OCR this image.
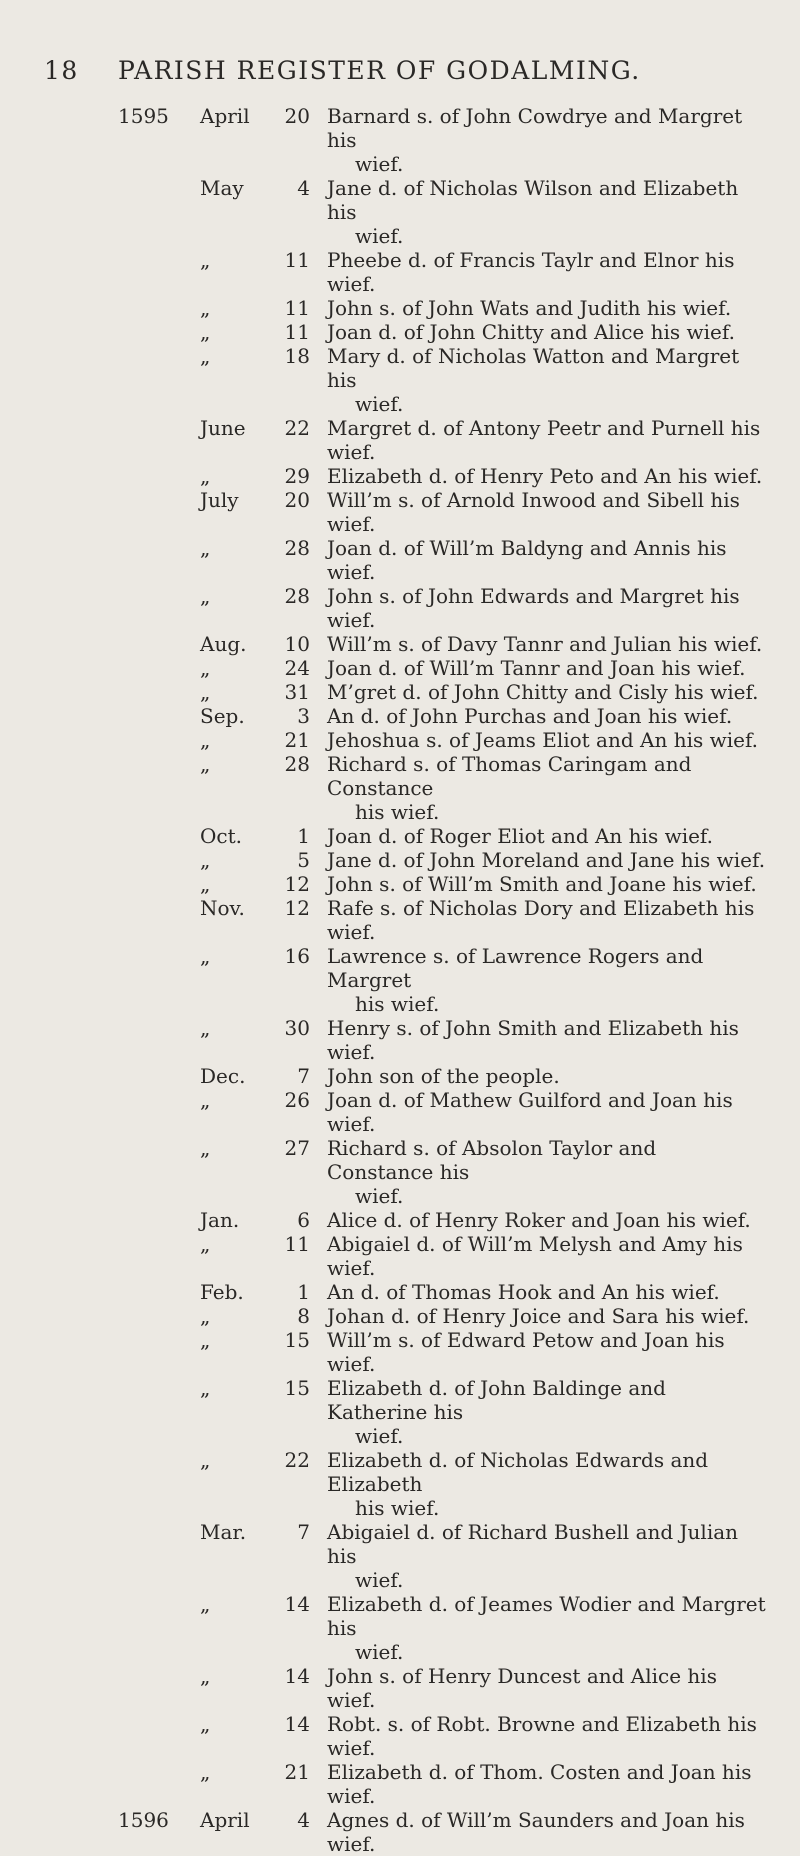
18 PARISH REGISTER OF GODALMING.
1595	April	20 Barnard s. of John Cowdrye and Margret his
wief.
May	4 Jane d. of Nicholas Wilson and Elizabeth his
wief.
„	11 Pheebe d. of Francis Taylr and Elnor his wief.
„	11 John s. of John Wats and Judith his wief.
„	11 Joan d. of John Chitty and Alice his wief.
„	18 Mary d. of Nicholas Watton and Margret his
wief.
June	22 Margret d. of Antony Peetr and Purnell his wief.
„	29 Elizabeth d. of Henry Peto and An his wief.
July	20 Will’m s. of Arnold Inwood and Sibell his wief.
„	28 Joan d. of Will’m Baldyng and Annis his wief.
„	28 John s. of John Edwards and Margret his wief.
Aug.	10 Will’m s. of Davy Tannr and Julian his wief.
„	24 Joan d. of Will’m Tannr and Joan his wief.
„	31 M’gret d. of John Chitty and Cisly his wief.
Sep.	3 An d. of John Purchas and Joan his wief.
„	21 Jehoshua s. of Jeams Eliot and An his wief.
„	28 Richard s. of Thomas Caringam and Constance
his wief.
Oct.	1 Joan d. of Roger Eliot and An his wief.
„	5 Jane d. of John Moreland and Jane his wief.
„	12 John s. of Will’m Smith and Joane his wief.
Nov.	12 Rafe s. of Nicholas Dory and Elizabeth his wief.
„	16 Lawrence s. of Lawrence Rogers and Margret
his wief.
„	30 Henry s. of John Smith and Elizabeth his wief.
Dec.	7 John son of the people.
„	26 Joan d. of Mathew Guilford and Joan his wief.
„	27 Richard s. of Absolon Taylor and Constance his
wief.
Jan.	6 Alice d. of Henry Roker and Joan his wief.
„	11 Abigaiel d. of Will’m Melysh and Amy his wief.
Feb.	1 An d. of Thomas Hook and An his wief.
„	8 Johan d. of Henry Joice and Sara his wief.
„	15 Will’m s. of Edward Petow and Joan his wief.
„	15 Elizabeth d. of John Baldinge and Katherine his
wief.
„	22 Elizabeth d. of Nicholas Edwards and Elizabeth
his wief.
Mar.	7 Abigaiel d. of Richard Bushell and Julian his
wief.
„	14 Elizabeth d. of Jeames Wodier and Margret his
wief.
„	14 John s. of Henry Duncest and Alice his wief.
„	14 Robt. s. of Robt. Browne and Elizabeth his wief.
„	21 Elizabeth d. of Thom. Costen and Joan his wief.
1596	April	4 Agnes d. of Will’m Saunders and Joan his wief.
